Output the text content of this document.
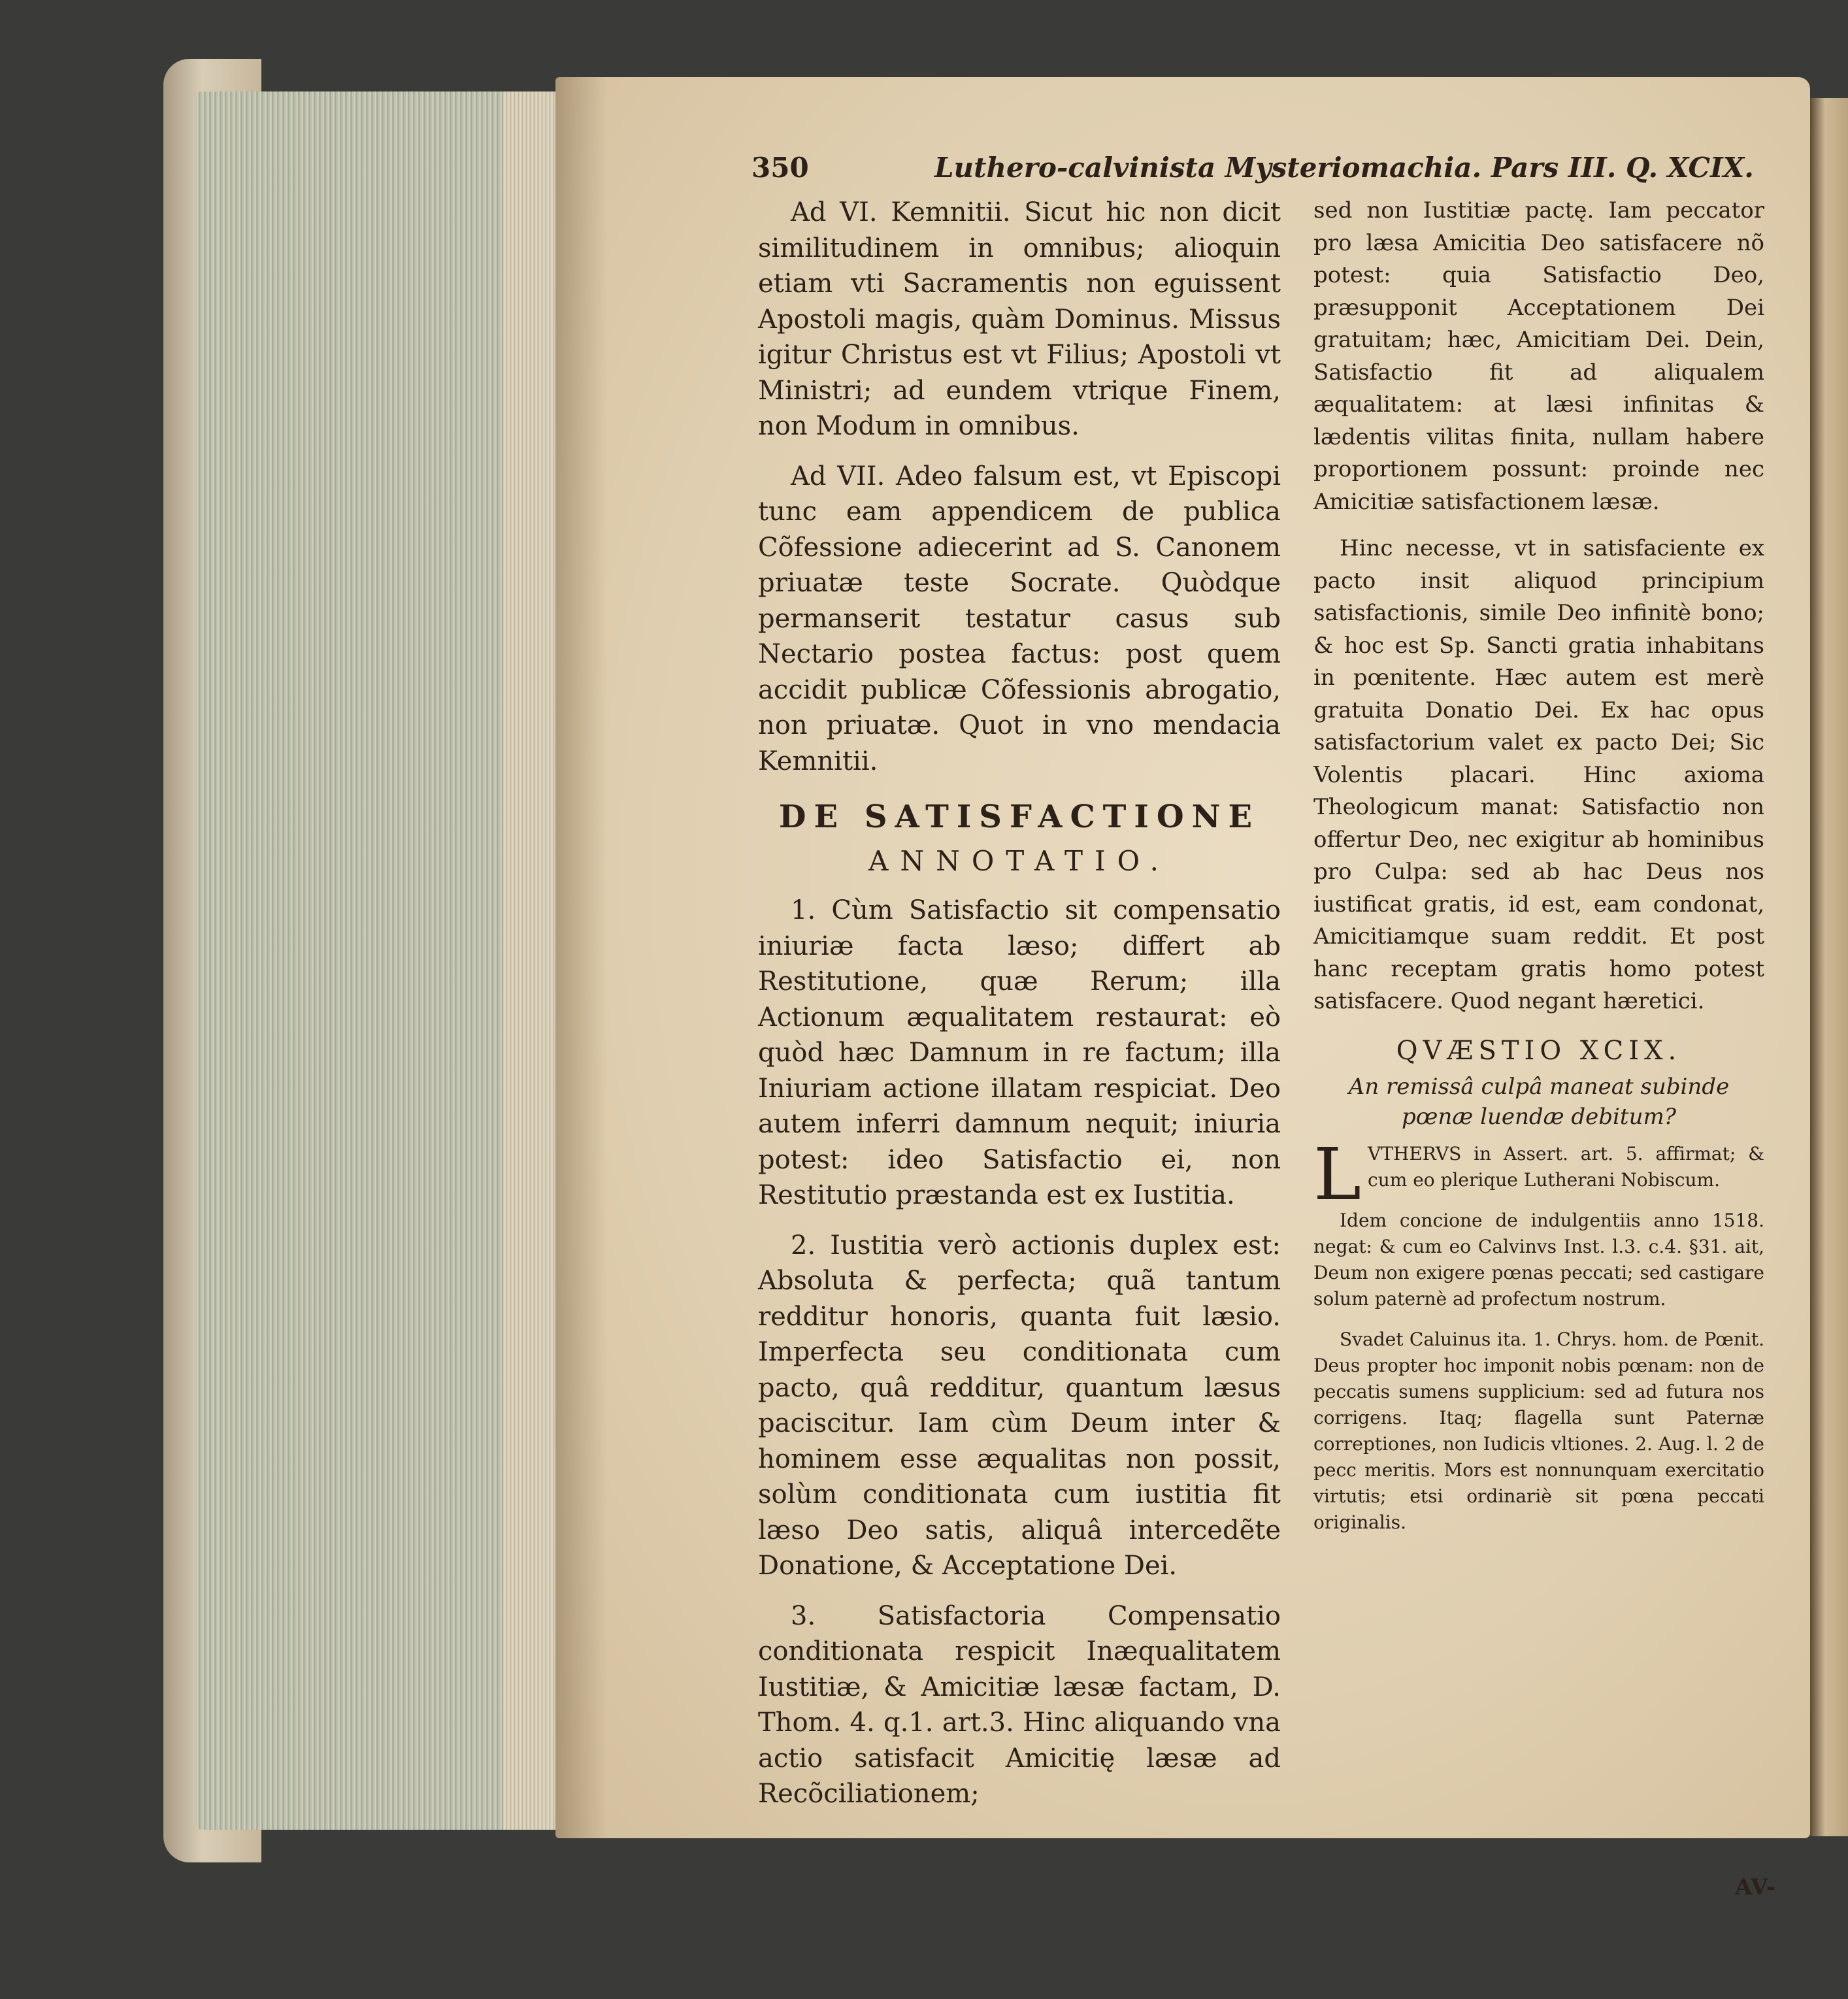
350	Luthero-calvinista Mysteriomachia. Pars III. Q. XCIX.

Ad VI. Kemnitii. Sicut hic non dicit similitudinem in omnibus; alioquin etiam vti Sacramentis non eguissent Apostoli magis, quàm Dominus. Missus igitur Christus est vt Filius; Apostoli vt Ministri; ad eundem vtrique Finem, non Modum in omnibus.

Ad VII. Adeo falsum est, vt Episcopi tunc eam appendicem de publica Cõfessione adiecerint ad S. Canonem priuatæ teste Socrate. Quòdque permanserit testatur casus sub Nectario postea factus: post quem accidit publicæ Cõfessionis abrogatio, non priuatæ. Quot in vno mendacia Kemnitii.

DE SATISFACTIONE
ANNOTATIO.

1. Cùm Satisfactio sit compensatio iniuriæ facta læso; differt ab Restitutione, quæ Rerum; illa Actionum æqualitatem restaurat: eò quòd hæc Damnum in re factum; illa Iniuriam actione illatam respiciat. Deo autem inferri damnum nequit; iniuria potest: ideo Satisfactio ei, non Restitutio præstanda est ex Iustitia.

2. Iustitia verò actionis duplex est: Absoluta & perfecta; quã tantum redditur honoris, quanta fuit læsio. Imperfecta seu conditionata cum pacto, quâ redditur, quantum læsus paciscitur. Iam cùm Deum inter & hominem esse æqualitas non possit, solùm conditionata cum iustitia fit læso Deo satis, aliquâ intercedẽte Donatione, & Acceptatione Dei.

3. Satisfactoria Compensatio conditionata respicit Inæqualitatem Iustitiæ, & Amicitiæ læsæ factam, D. Thom. 4. q.1. art.3. Hinc aliquando vna actio satisfacit Amicitię læsæ ad Recõciliationem;

sed non Iustitiæ pactę. Iam peccator pro læsa Amicitia Deo satisfacere nõ potest: quia Satisfactio Deo, præsupponit Acceptationem Dei gratuitam; hæc, Amicitiam Dei. Dein, Satisfactio fit ad aliqualem æqualitatem: at læsi infinitas & lædentis vilitas finita, nullam habere proportionem possunt: proinde nec Amicitiæ satisfactionem læsæ.

Hinc necesse, vt in satisfaciente ex pacto insit aliquod principium satisfactionis, simile Deo infinitè bono; & hoc est Sp. Sancti gratia inhabitans in pœnitente. Hæc autem est merè gratuita Donatio Dei. Ex hac opus satisfactorium valet ex pacto Dei; Sic Volentis placari. Hinc axioma Theologicum manat: Satisfactio non offertur Deo, nec exigitur ab hominibus pro Culpa: sed ab hac Deus nos iustificat gratis, id est, eam condonat, Amicitiamque suam reddit. Et post hanc receptam gratis homo potest satisfacere. Quod negant hæretici.

QVÆSTIO XCIX.
An remissâ culpâ maneat subinde pœnæ luendæ debitum?

L VTHERVS in Assert. art. 5. affirmat; & cum eo plerique Lutherani Nobiscum.

Idem concione de indulgentiis anno 1518. negat: & cum eo Calvinvs Inst. l.3. c.4. §31. ait, Deum non exigere pœnas peccati; sed castigare solum paternè ad profectum nostrum.

Svadet Caluinus ita. 1. Chrys. hom. de Pœnit. Deus propter hoc imponit nobis pœnam: non de peccatis sumens supplicium: sed ad futura nos corrigens. Itaq; flagella sunt Paternæ correptiones, non Iudicis vltiones. 2. Aug. l. 2 de pecc meritis. Mors est nonnunquam exercitatio virtutis; etsi ordinariè sit pœna peccati originalis.

AV-
